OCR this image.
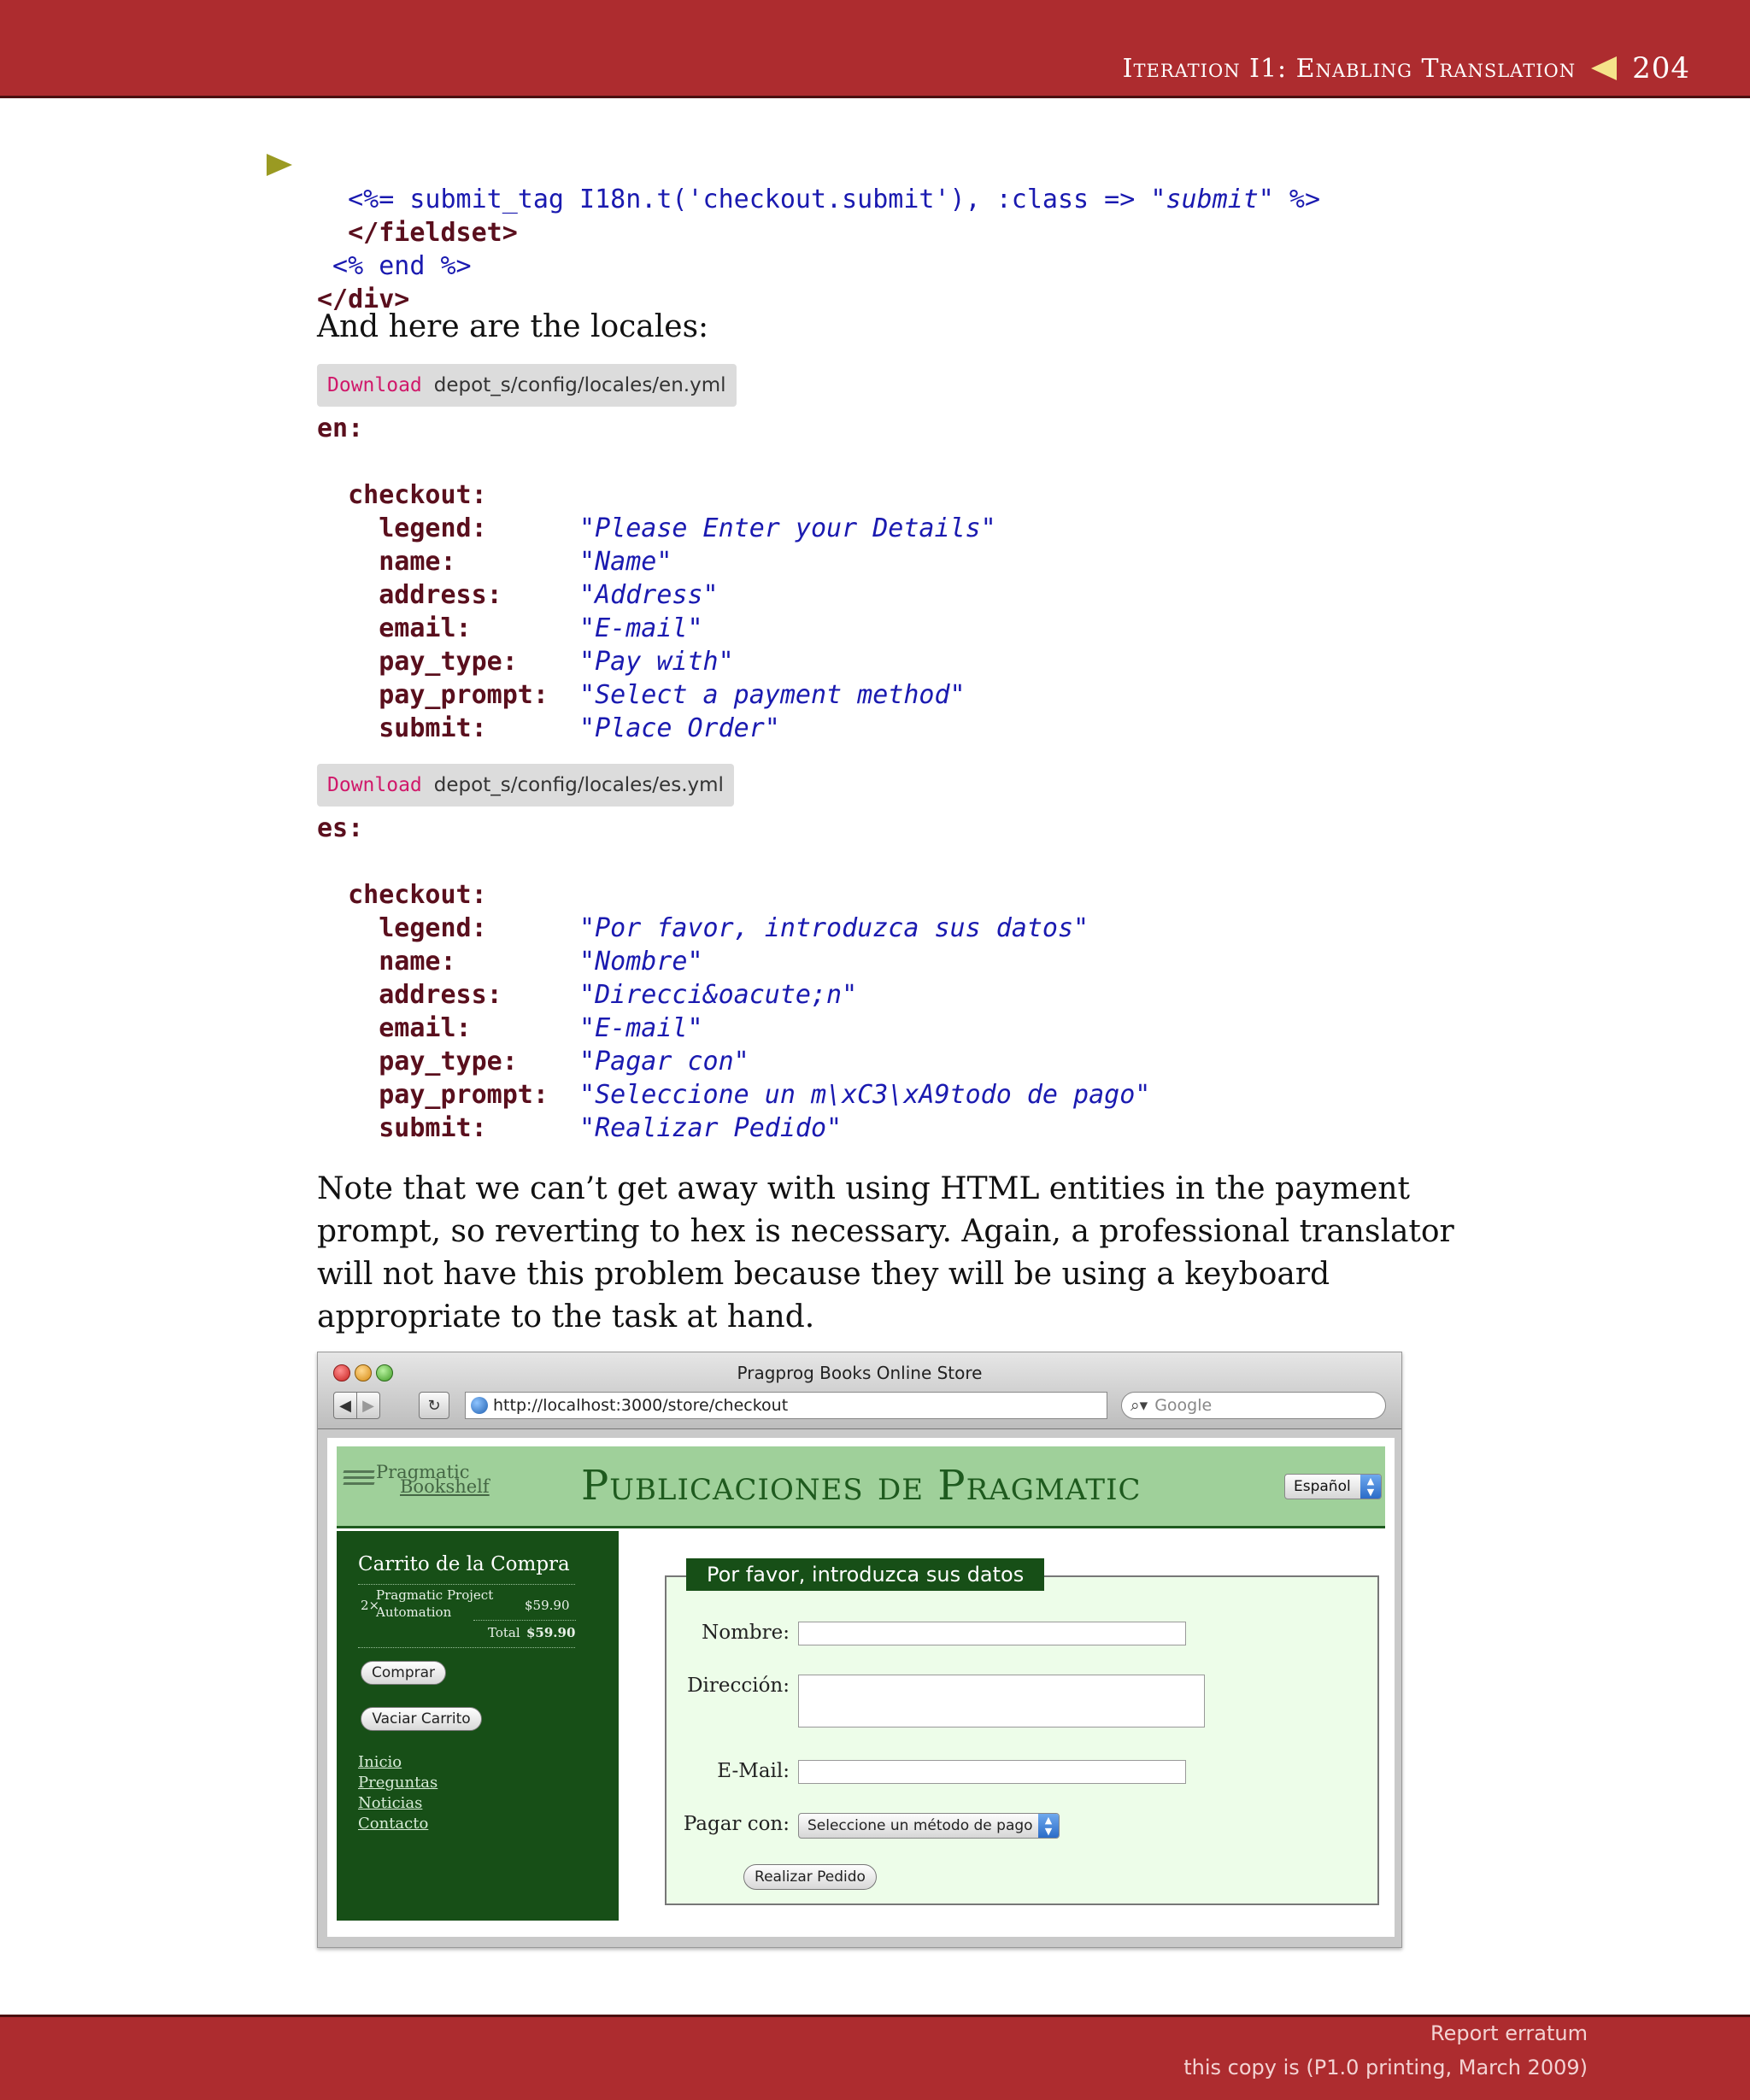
Iteration I1: Enabling Translation 204

<%= submit_tag I18n.t('checkout.submit'), :class => "submit" %>
</fieldset>
<% end %>
</div>

And here are the locales:

Download depot_s/config/locales/en.yml
en:

checkout:
legend:	"Please Enter your Details"
name:	"Name"
address:	"Address"
email:	"E-mail"
pay_type: "Pay with"
pay_prompt: "Select a payment method"
submit:	"Place Order"
Download depot_s/config/locales/es.yml
es:

checkout:
legend:	"Por favor, introduzca sus datos"
name:	"Nombre"
address:	"Direcci&oacute;n"
email:	"E-mail"
pay_type: "Pagar con"
pay_prompt: "Seleccione un m\xC3\xA9todo de pago"
submit:	"Realizar Pedido"

Note that we can’t get away with using HTML entities in the payment prompt, so reverting to hex is necessary. Again, a professional translator will not have this problem because they will be using a keyboard appropriate to the task at hand.

Pragprog Books Online Store
◀ ▶	↻	http://localhost:3000/store/checkout	⌕▾ Google
Pragmatic
Bookshelf Publicaciones de Pragmatic	Español	▲
▼
Carrito de la Compra
2×
Pragmatic Project
Automation	$59.90
Total $59.90
Comprar
Vaciar Carrito
Inicio
Preguntas
Noticias
Contacto
Por favor, introduzca sus datos
Nombre:
Dirección:
E-Mail:
Pagar con: Seleccione un método de pago	▲
▼
Realizar Pedido
Report erratum
this copy is (P1.0 printing, March 2009)
